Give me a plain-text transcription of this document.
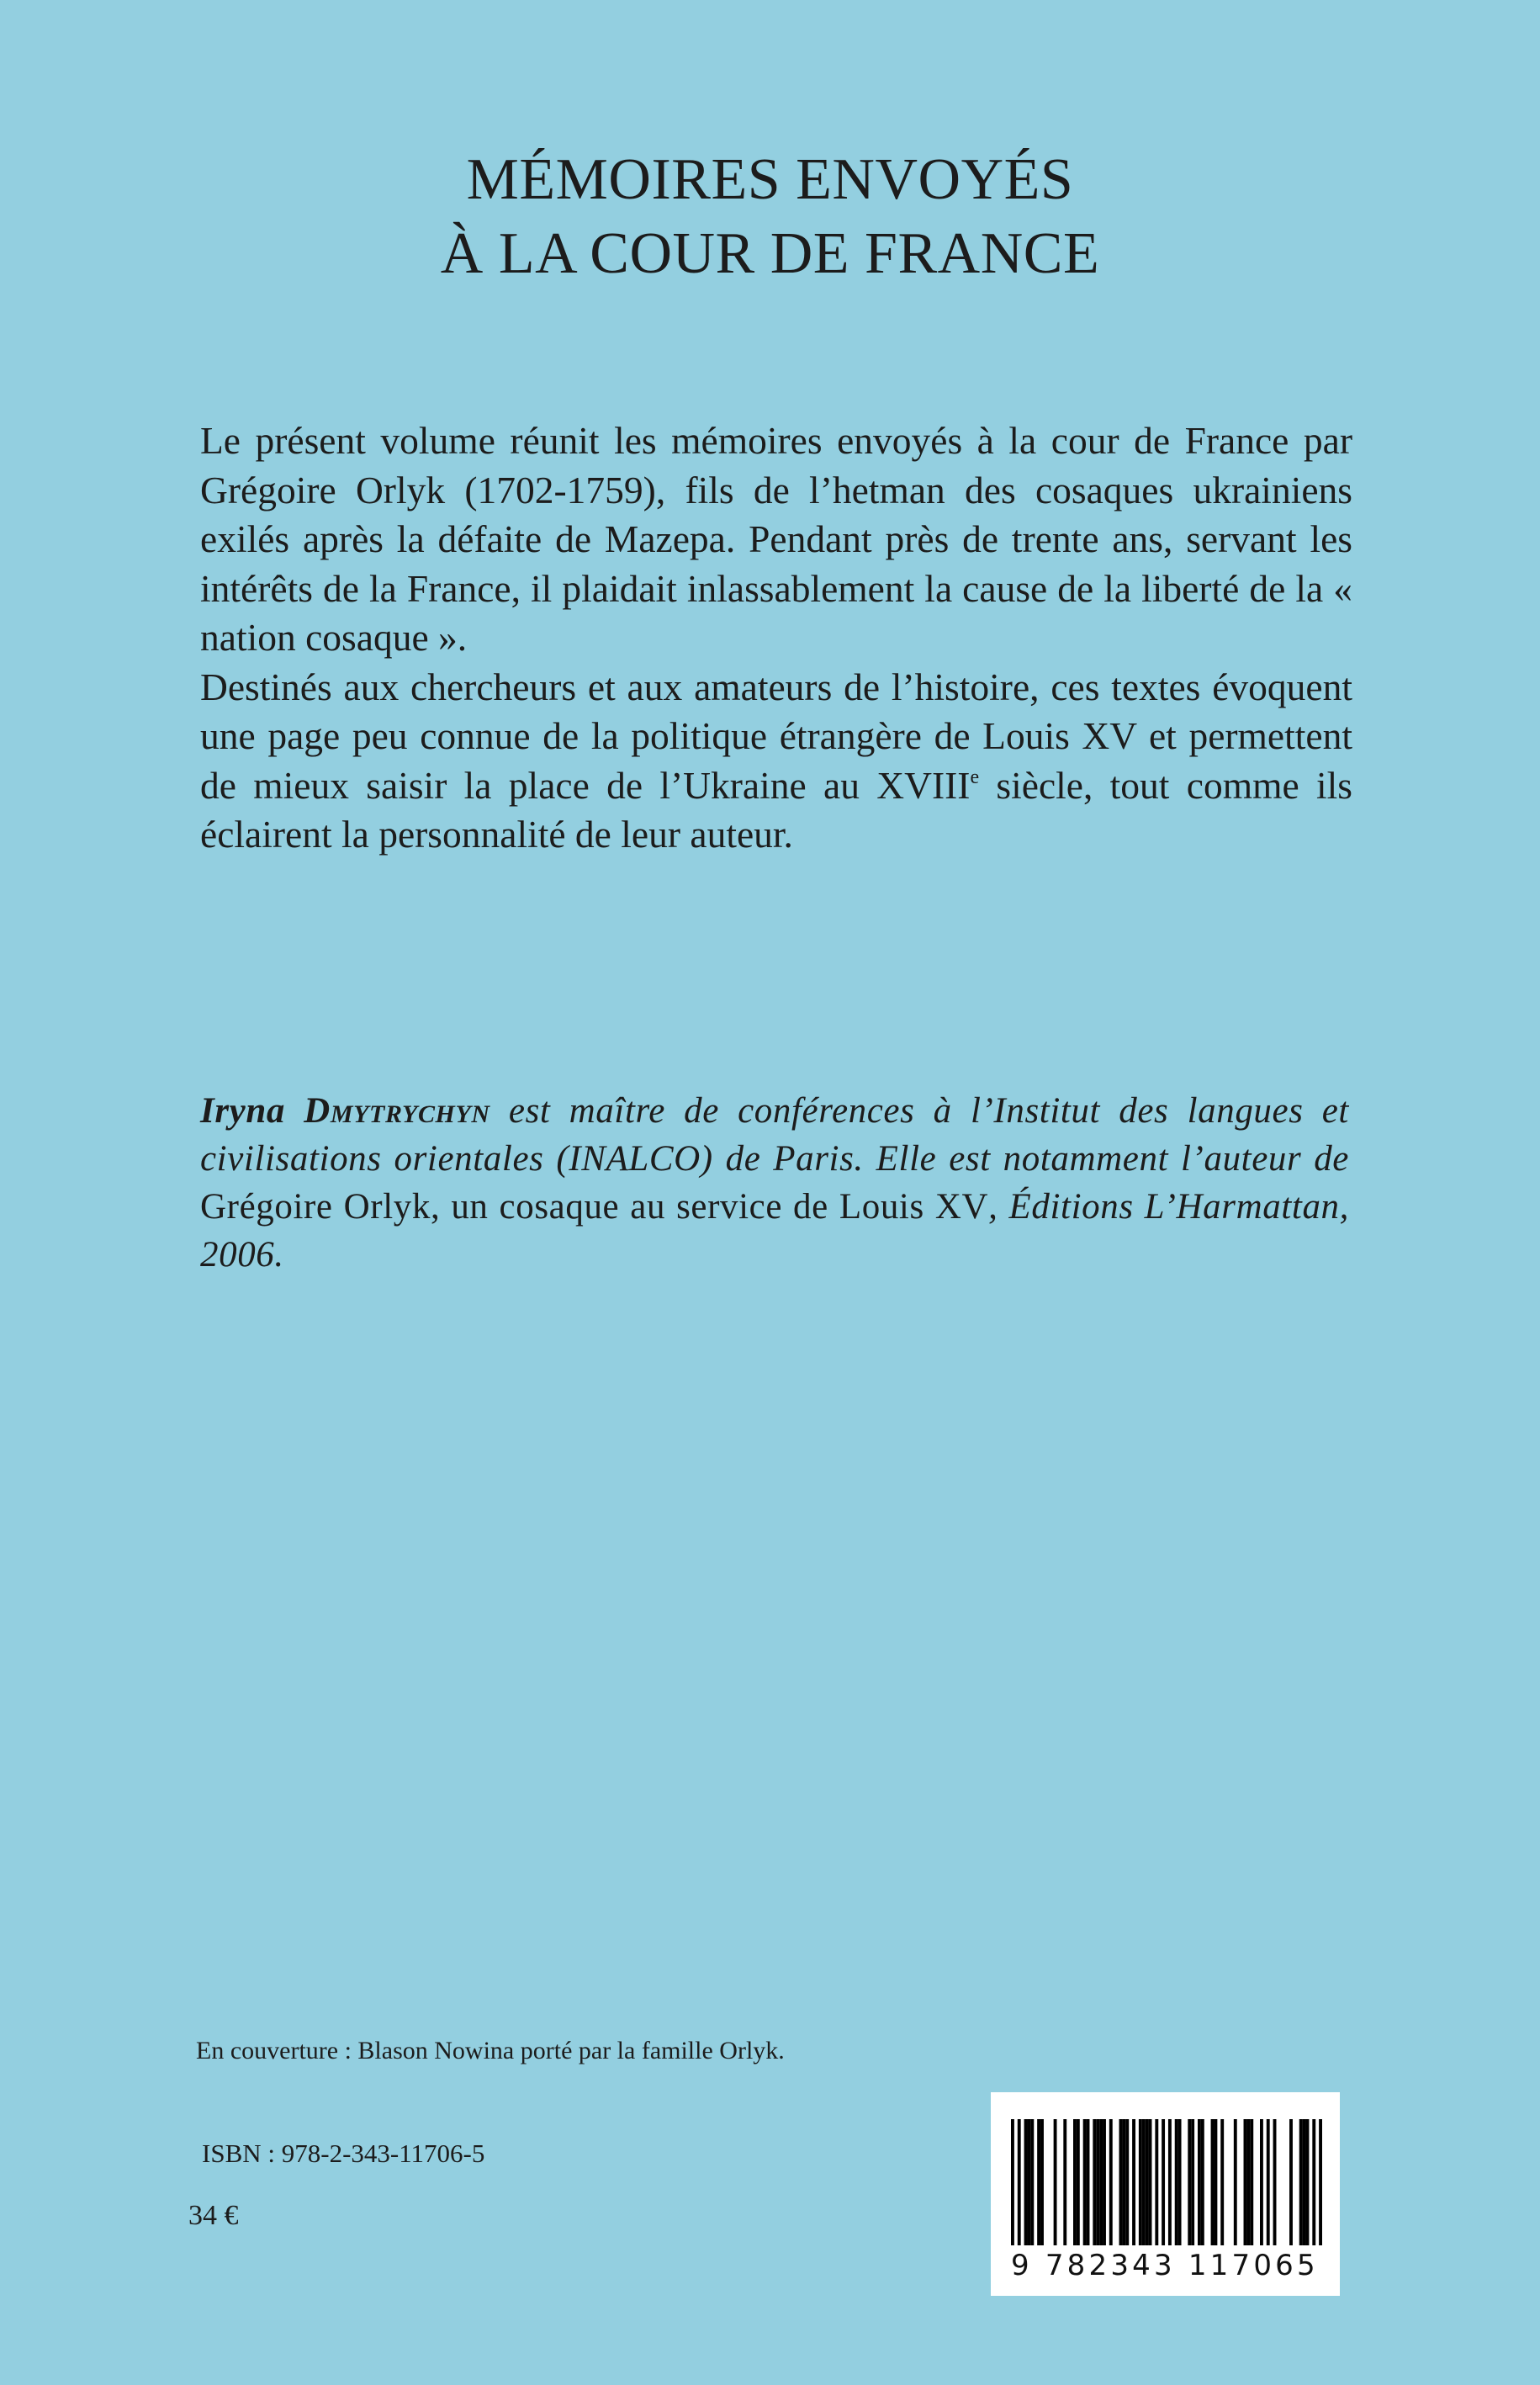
MÉMOIRES ENVOYÉS
À LA COUR DE FRANCE

Le présent volume réunit les mémoires envoyés à la cour de France par Grégoire Orlyk (1702-1759), fils de l’hetman des cosaques ukrainiens exilés après la défaite de Mazepa. Pendant près de trente ans, servant les intérêts de la France, il plaidait inlassablement la cause de la liberté de la « nation cosaque ».

Destinés aux chercheurs et aux amateurs de l’histoire, ces textes évoquent une page peu connue de la politique étrangère de Louis XV et permettent de mieux saisir la place de l’Ukraine au XVIIIe siècle, tout comme ils éclairent la personnalité de leur auteur.

Iryna Dmytrychyn est maître de conférences à l’Institut des langues et civilisations orientales (INALCO) de Paris. Elle est notamment l’auteur de Grégoire Orlyk, un cosaque au service de Louis XV, Éditions L’Harmattan, 2006.
En couverture : Blason Nowina porté par la famille Orlyk.
ISBN : 978-2-343-11706-5
34 €
9 782343 117065
